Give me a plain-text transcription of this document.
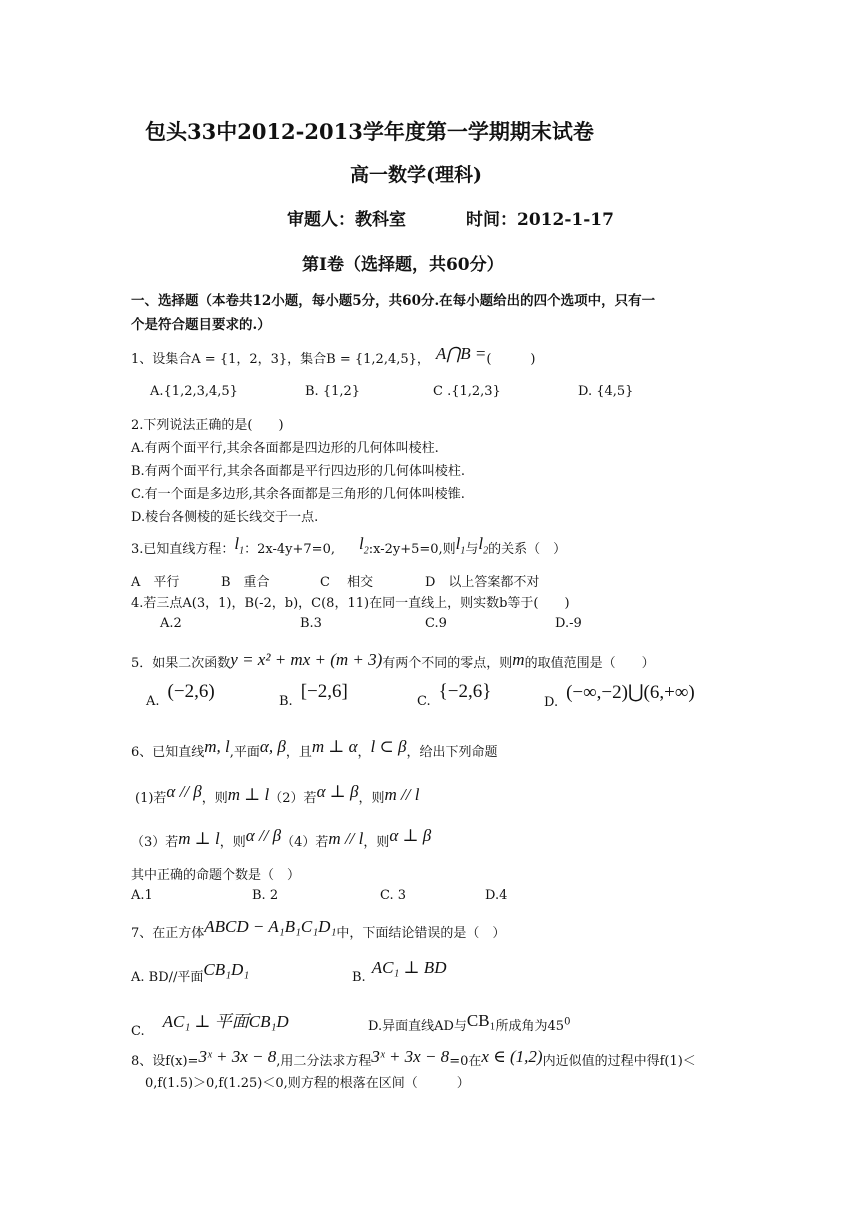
包头33中2012-2013学年度第一学期期末试卷
高一数学(理科)
审题人：教科室	时间：2012-1-17
第Ⅰ卷（选择题，共60分）
一、选择题（本卷共12小题，每小题5分，共60分.在每小题给出的四个选项中，只有一
个是符合题目要求的.）
1、设集合A = {1，2，3}，集合B = {1,2,4,5}， A⋂B =(　　　)
A.{1,2,3,4,5}	B. {1,2}	C .{1,2,3}	D. {4,5}
2.下列说法正确的是(　　)
A.有两个面平行,其余各面都是四边形的几何体叫棱柱.
B.有两个面平行,其余各面都是平行四边形的几何体叫棱柱.
C.有一个面是多边形,其余各面都是三角形的几何体叫棱锥.
D.棱台各侧棱的延长线交于一点.
3.已知直线方程：$l_1$：2x-4y+7=0, $l_2:x-2y+5=0$,则$l_1$与$l_2$的关系（　）
A　平行	B　重合	C　 相交	D　以上答案都不对
4.若三点A(3，1)，B(-2，b)，C(8，11)在同一直线上，则实数b等于(　　)
A.2	B.3	C.9	D.-9
5．如果二次函数y = x² + mx + (m + 3)有两个不同的零点，则m的取值范围是（　　）
A. (−2,6)	B. [−2,6]	C. {−2,6}
D. (−∞,−2)⋃(6,+∞)
6、已知直线m, l,平面α, β，且m ⊥ α，l ⊂ β，给出下列命题
(1)若α // β，则m ⊥ l（2）若α ⊥ β，则m // l
（3）若m ⊥ l，则α // β（4）若m // l，则α ⊥ β
其中正确的命题个数是（　）
A.1	B. 2	C. 3	D.4
7、在正方体ABCD − A₁B₁C₁D₁中，下面结论错误的是（　）
A. BD//平面CB₁D₁	B.AC₁ ⊥ BD
C.AC₁ ⊥ 平面CB₁D	D.异面直线AD与CB₁所成角为$45^0$
8、设f(x)=3ˣ + 3x − 8,用二分法求方程3ˣ + 3x − 8=0在x ∈ (1,2)内近似值的过程中得f(1)＜
0,f(1.5)＞0,f(1.25)＜0,则方程的根落在区间（　　　）
